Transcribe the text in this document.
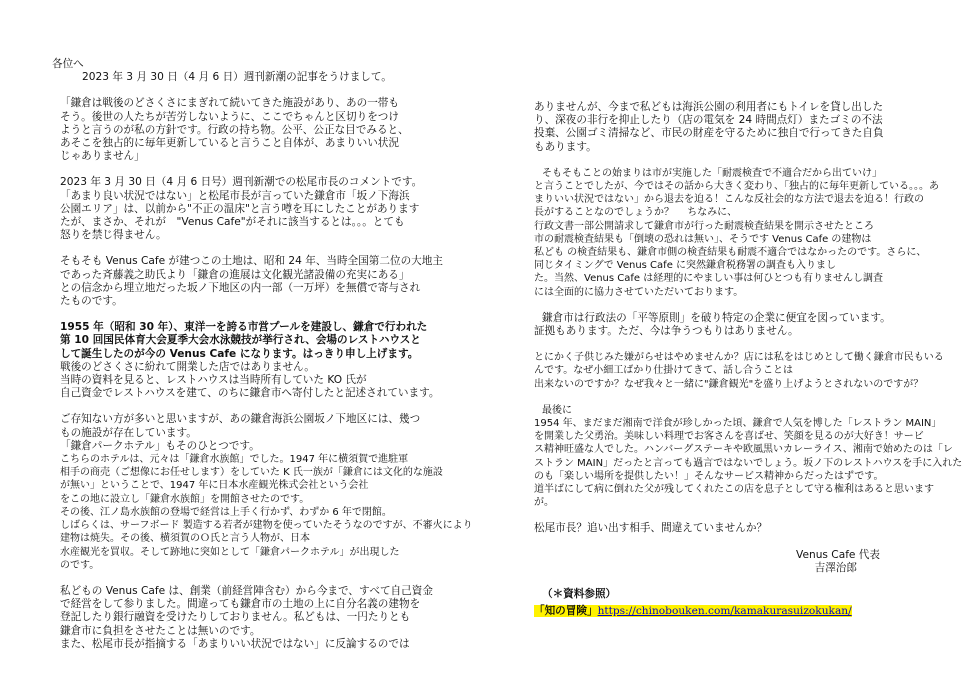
各位へ
2023 年 3 月 30 日（4 月 6 日）週刊新潮の記事をうけまして。
「鎌倉は戦後のどさくさにまぎれて続いてきた施設があり、あの一帯も
そう。後世の人たちが苦労しないように、ここでちゃんと区切りをつけ
ようと言うのが私の方針です。行政の持ち物。公平、公正な目でみると、
あそこを独占的に毎年更新していると言うこと自体が、あまりいい状況
じゃありません」
2023 年 3 月 30 日（4 月 6 日号）週刊新潮での松尾市長のコメントです。
「あまり良い状況ではない」と松尾市長が言っていた鎌倉市「坂ノ下海浜
公園エリア」は、以前から"不正の温床"と言う噂を耳にしたことがあります
たが、まさか、それが　"Venus Cafe"がそれに該当するとは。。。とても
怒りを禁じ得ません。
そもそも Venus Cafe が建つこの土地は、昭和 24 年、当時全国第二位の大地主
であった斉藤義之助氏より「鎌倉の進展は文化観光諸設備の充実にある」
との信念から埋立地だった坂ノ下地区の内一部（一万坪）を無償で寄与され
たものです。
1955 年（昭和 30 年）、東洋一を誇る市営プールを建設し、鎌倉で行われた
第 10 回国民体育大会夏季大会水泳競技が挙行され、会場のレストハウスと
して誕生したのが今の Venus Cafe になります。はっきり申し上げます。
戦後のどさくさに紛れて開業した店ではありません。
当時の資料を見ると、レストハウスは当時所有していた KO 氏が
自己資金でレストハウスを建て、のちに鎌倉市へ寄付したと記述されています。
ご存知ない方が多いと思いますが、あの鎌倉海浜公園坂ノ下地区には、幾つ
もの施設が存在しています。
「鎌倉パークホテル」もそのひとつです。
こちらのホテルは、元々は「鎌倉水族館」でした。1947 年に横須賀で進駐軍
相手の商売（ご想像にお任せします）をしていた K 氏一族が「鎌倉には文化的な施設
が無い」ということで、1947 年に日本水産観光株式会社という会社
をこの地に設立し「鎌倉水族館」を開館させたのです。
その後、江ノ島水族館の登場で経営は上手く行かず、わずか 6 年で閉館。
しばらくは、サーフボード 製造する若者が建物を使っていたそうなのですが、不審火により
建物は焼失。その後、横須賀のＯ氏と言う人物が、日本
水産観光を買収。そして跡地に突如として「鎌倉パークホテル」が出現した
のです。
私どもの Venus Cafe は、創業（前経営陣含む）から今まで、すべて自己資金
で経営をして参りました。間違っても鎌倉市の土地の上に自分名義の建物を
登記したり銀行融資を受けたりしておりません。私どもは、一円たりとも
鎌倉市に負担をさせたことは無いのです。
また、松尾市長が指摘する「あまりいい状況ではない」に反論するのでは
ありませんが、今まで私どもは海浜公園の利用者にもトイレを貸し出した
り、深夜の非行を抑止したり（店の電気を 24 時間点灯）またゴミの不法
投棄、公園ゴミ清掃など、市民の財産を守るために独自で行ってきた自負
もあります。
そもそもことの始まりは市が実施した「耐震検査で不適合だから出ていけ」
と言うことでしたが、今ではその話から大きく変わり、「独占的に毎年更新している。。。あ
まりいい状況ではない」から退去を迫る！こんな反社会的な方法で退去を迫る！行政の
長がすることなのでしょうか？　 ちなみに、
行政文書一部公開請求して鎌倉市が行った耐震検査結果を開示させたところ
市の耐震検査結果も「倒壊の恐れは無い」、そうです Venus Cafe の建物は
私ども の検査結果も、鎌倉市側の検査結果も耐震不適合ではなかったのです。さらに、
同じタイミングで Venus Cafe に突然鎌倉税務署の調査も入りまし
た。当然、Venus Cafe は経理的にやましい事は何ひとつも有りませんし調査
には全面的に協力させていただいております。
鎌倉市は行政法の「平等原則」を破り特定の企業に便宜を図っています。
証拠もあります。ただ、今は争うつもりはありません。
とにかく子供じみた嫌がらせはやめませんか？店には私をはじめとして働く鎌倉市民もいる
んです。なぜ小細工ばかり仕掛けてきて、話し合うことは
出来ないのですか？なぜ我々と一緒に"鎌倉観光"を盛り上げようとされないのですが？
最後に
1954 年、まだまだ湘南で洋食が珍しかった頃、鎌倉で人気を博した「レストラン MAIN」
を開業した父勇治。美味しい料理でお客さんを喜ばせ、笑顔を見るのが大好き！サービ
ス精神旺盛な人でした。ハンバーグステーキや欧風黒いカレーライス、湘南で始めたのは「レ
ストラン MAIN」だったと言っても過言ではないでしょう。坂ノ下のレストハウスを手に入れた
のも「楽しい場所を提供したい！」そんなサービス精神からだったはずです。
道半ばにして病に倒れた父が残してくれたこの店を息子として守る権利はあると思います
が。
松尾市長？追い出す相手、間違えていませんか？
Venus Cafe 代表
吉澤治郎
（＊資料参照）
「知の冒険」https://chinobouken.com/kamakurasuizokukan/
